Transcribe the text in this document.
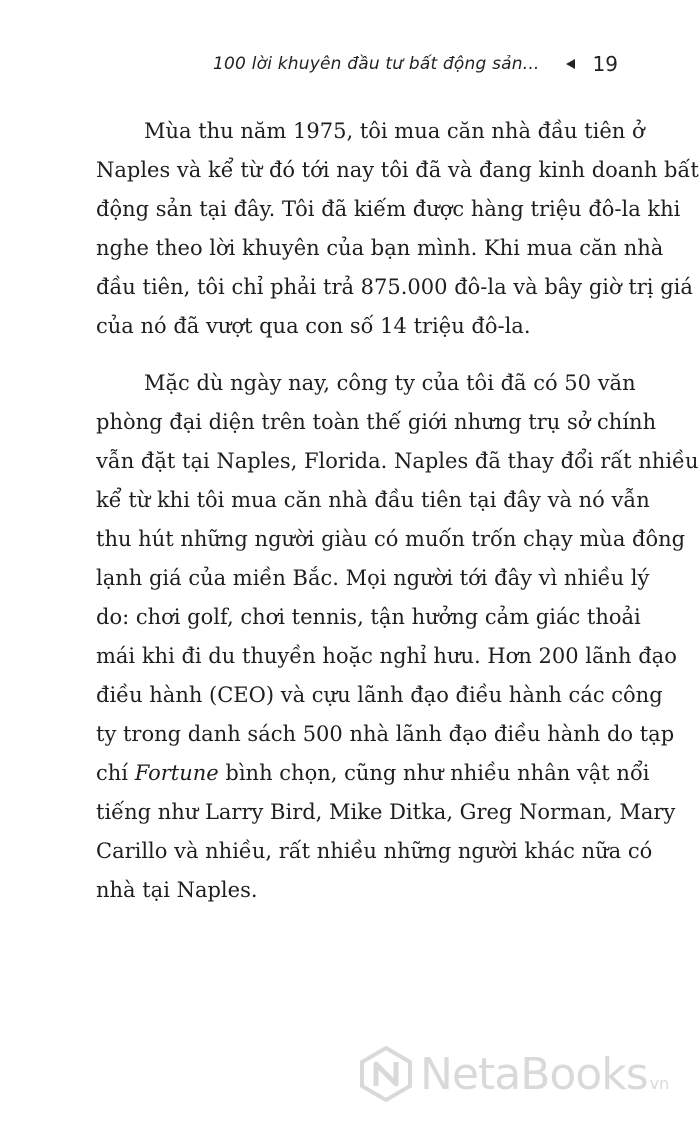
100 lời khuyên đầu tư bất động sản...	19

Mùa thu năm 1975, tôi mua căn nhà đầu tiên ở
Naples và kể từ đó tới nay tôi đã và đang kinh doanh bất
động sản tại đây. Tôi đã kiếm được hàng triệu đô-la khi
nghe theo lời khuyên của bạn mình. Khi mua căn nhà
đầu tiên, tôi chỉ phải trả 875.000 đô-la và bây giờ trị giá
của nó đã vượt qua con số 14 triệu đô-la.

Mặc dù ngày nay, công ty của tôi đã có 50 văn
phòng đại diện trên toàn thế giới nhưng trụ sở chính
vẫn đặt tại Naples, Florida. Naples đã thay đổi rất nhiều
kể từ khi tôi mua căn nhà đầu tiên tại đây và nó vẫn
thu hút những người giàu có muốn trốn chạy mùa đông
lạnh giá của miền Bắc. Mọi người tới đây vì nhiều lý
do: chơi golf, chơi tennis, tận hưởng cảm giác thoải
mái khi đi du thuyền hoặc nghỉ hưu. Hơn 200 lãnh đạo
điều hành (CEO) và cựu lãnh đạo điều hành các công
ty trong danh sách 500 nhà lãnh đạo điều hành do tạp
chí Fortune bình chọn, cũng như nhiều nhân vật nổi
tiếng như Larry Bird, Mike Ditka, Greg Norman, Mary
Carillo và nhiều, rất nhiều những người khác nữa có
nhà tại Naples.

NetaBooks vn
